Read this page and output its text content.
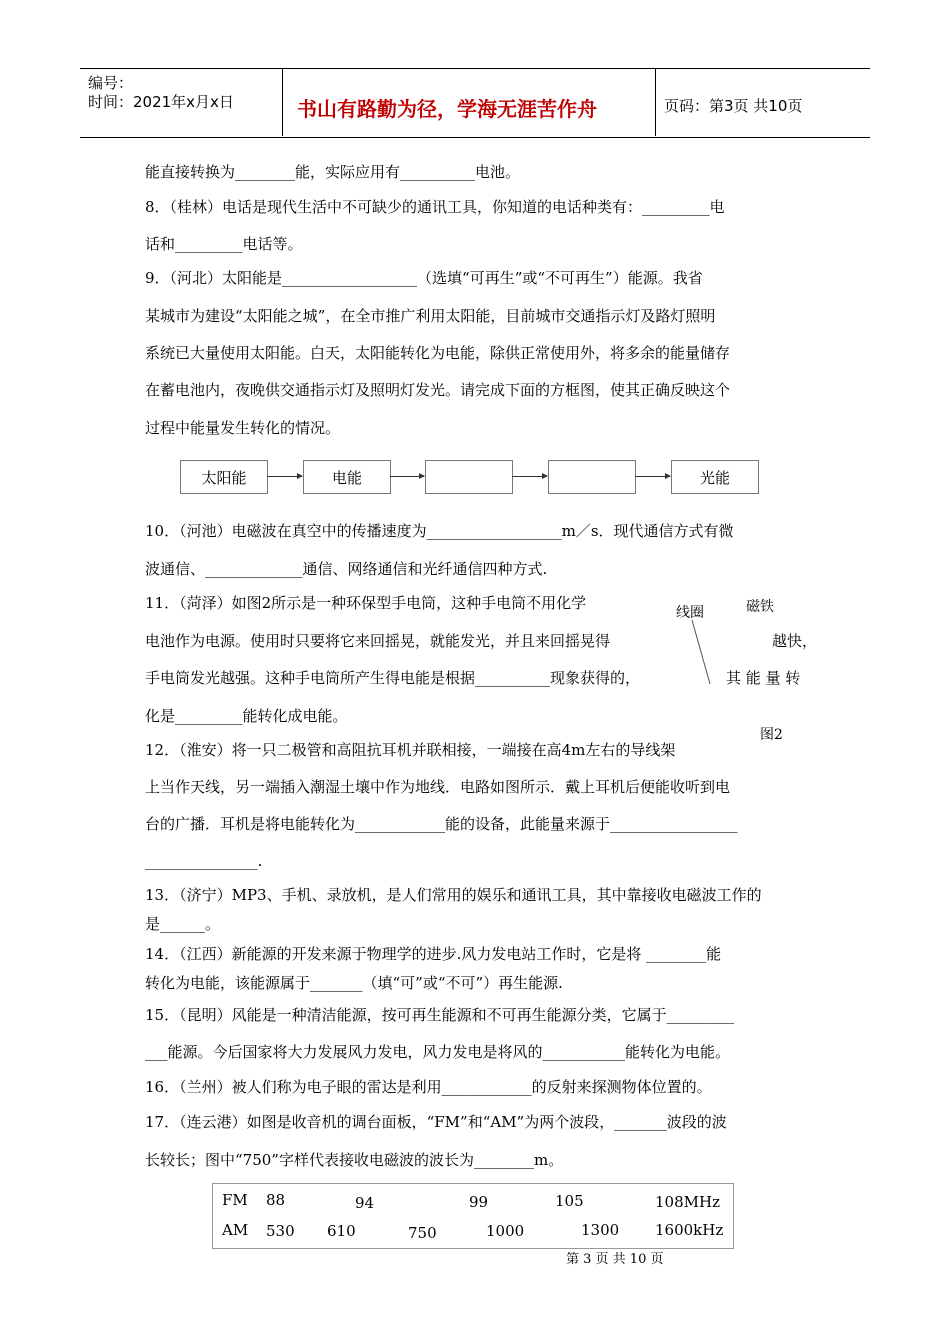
编号：
时间：2021年x月x日	书山有路勤为径，学海无涯苦作舟	页码：第3页 共10页
能直接转换为________能，实际应用有__________电池。
8．（桂林）电话是现代生活中不可缺少的通讯工具，你知道的电话种类有：_________电
话和_________电话等。
9．（河北）太阳能是__________________（选填“可再生”或“不可再生”）能源。我省
某城市为建设“太阳能之城”，在全市推广利用太阳能，目前城市交通指示灯及路灯照明
系统已大量使用太阳能。白天，太阳能转化为电能，除供正常使用外，将多余的能量储存
在蓄电池内，夜晚供交通指示灯及照明灯发光。请完成下面的方框图，使其正确反映这个
过程中能量发生转化的情况。
太阳能	电能	光能
10．（河池）电磁波在真空中的传播速度为__________________m／s．现代通信方式有微
波通信、_____________通信、网络通信和光纤通信四种方式.
11．（菏泽）如图2所示是一种环保型手电筒，这种手电筒不用化学
电池作为电源。使用时只要将它来回摇晃，就能发光，并且来回摇晃得
手电筒发光越强。这种手电筒所产生得电能是根据__________现象获得的，
化是_________能转化成电能。
线圈	磁铁
越快，
其 能 量 转
图2
12．（淮安）将一只二极管和高阻抗耳机并联相接，一端接在高4m左右的导线架
上当作天线，另一端插入潮湿土壤中作为地线．电路如图所示．戴上耳机后便能收听到电
台的广播．耳机是将电能转化为____________能的设备，此能量来源于_________________
_______________.
13．（济宁）MP3、手机、录放机，是人们常用的娱乐和通讯工具，其中靠接收电磁波工作的
是______。
14．（江西）新能源的开发来源于物理学的进步.风力发电站工作时，它是将 ________能
转化为电能，该能源属于_______（填“可”或“不可”）再生能源.
15．（昆明）风能是一种清洁能源，按可再生能源和不可再生能源分类，它属于_________
___能源。今后国家将大力发展风力发电，风力发电是将风的___________能转化为电能。
16．（兰州）被人们称为电子眼的雷达是利用____________的反射来探测物体位置的。
17．（连云港）如图是收音机的调台面板，“FM”和“AM”为两个波段，_______波段的波
长较长；图中“750”字样代表接收电磁波的波长为________m。
FM 88	94	99	105	108MHz
AM 530 610	750	1000	1300 1600kHz
第 3 页 共 10 页
